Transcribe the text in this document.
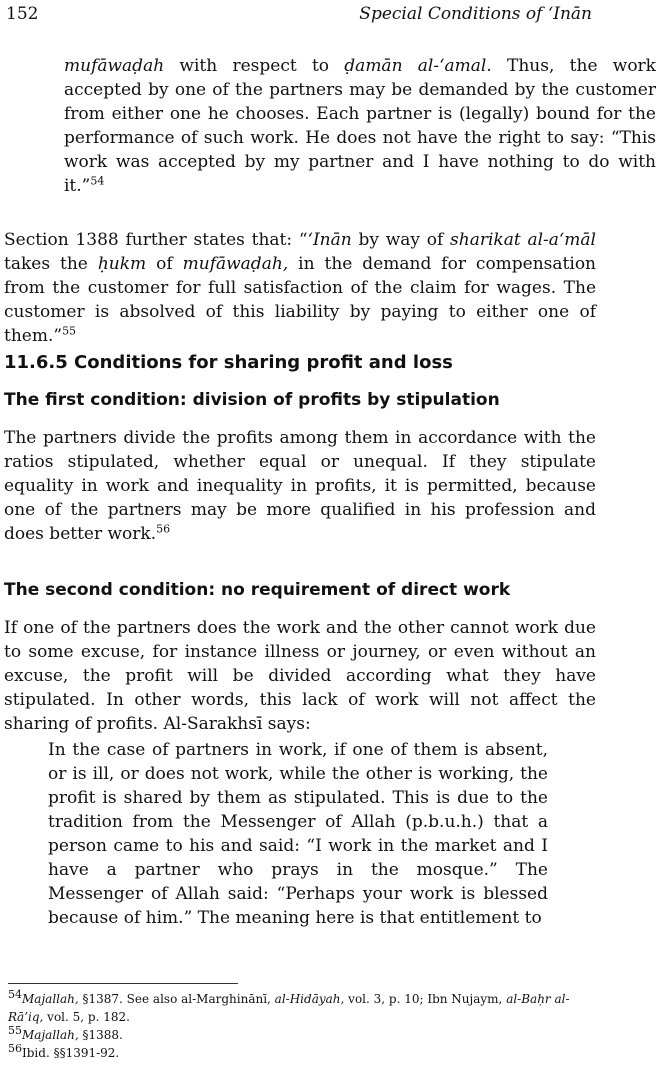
152	Special Conditions of ‘Inān
mufāwaḍah with respect to ḍamān al-‘amal. Thus, the work accepted by one of the partners may be demanded by the customer from either one he chooses. Each partner is (legally) bound for the performance of such work. He does not have the right to say: “This work was accepted by my partner and I have nothing to do with it.”$^{54}$
Section 1388 further states that: “‘Inān by way of sharikat al-a‘māl takes the ḥukm of mufāwaḍah, in the demand for compensation from the customer for full satisfaction of the claim for wages. The customer is absolved of this liability by paying to either one of them.”$^{55}$
11.6.5 Conditions for sharing profit and loss
The first condition: division of profits by stipulation
The partners divide the profits among them in accordance with the ratios stipulated, whether equal or unequal. If they stipulate equality in work and inequality in profits, it is permitted, because one of the partners may be more qualified in his profession and does better work.$^{56}$
The second condition: no requirement of direct work
If one of the partners does the work and the other cannot work due to some excuse, for instance illness or journey, or even without an excuse, the profit will be divided according what they have stipulated. In other words, this lack of work will not affect the sharing of profits. Al-Sarakhsī says:
In the case of partners in work, if one of them is absent, or is ill, or does not work, while the other is working, the profit is shared by them as stipulated. This is due to the tradition from the Messenger of Allah (p.b.u.h.) that a person came to his and said: “I work in the market and I have a partner who prays in the mosque.” The Messenger of Allah said: “Perhaps your work is blessed because of him.” The meaning here is that entitlement to
$^{54}$Majallah, §1387. See also al-Marghinānī, al-Hidāyah, vol. 3, p. 10; Ibn Nujaym, al-Baḥr al-Rā’iq, vol. 5, p. 182.
$^{55}$Majallah, §1388.
$^{56}$Ibid. §§1391-92.
